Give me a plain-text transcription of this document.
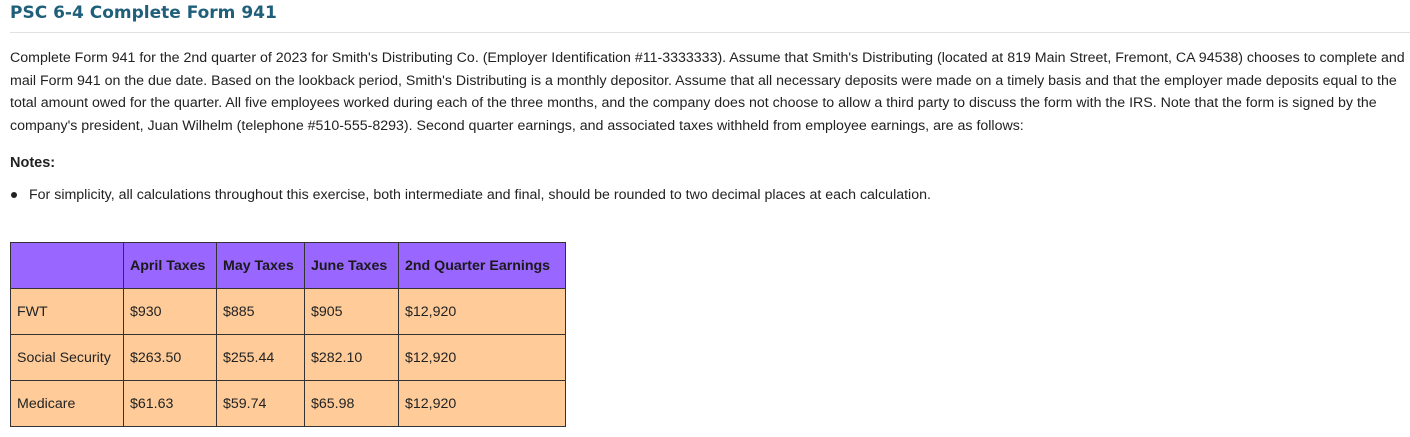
PSC 6-4 Complete Form 941

Complete Form 941 for the 2nd quarter of 2023 for Smith's Distributing Co. (Employer Identification #11-3333333). Assume that Smith's Distributing (located at 819 Main Street, Fremont, CA 94538) chooses to complete and mail Form 941 on the due date. Based on the lookback period, Smith's Distributing is a monthly depositor. Assume that all necessary deposits were made on a timely basis and that the employer made deposits equal to the total amount owed for the quarter. All five employees worked during each of the three months, and the company does not choose to allow a third party to discuss the form with the IRS. Note that the form is signed by the company's president, Juan Wilhelm (telephone #510-555-8293). Second quarter earnings, and associated taxes withheld from employee earnings, are as follows:

Notes:

For simplicity, all calculations throughout this exercise, both intermediate and final, should be rounded to two decimal places at each calculation.
	April Taxes	May Taxes	June Taxes	2nd Quarter Earnings
FWT	$930	$885	$905	$12,920
Social Security	$263.50	$255.44	$282.10	$12,920
Medicare	$61.63	$59.74	$65.98	$12,920
